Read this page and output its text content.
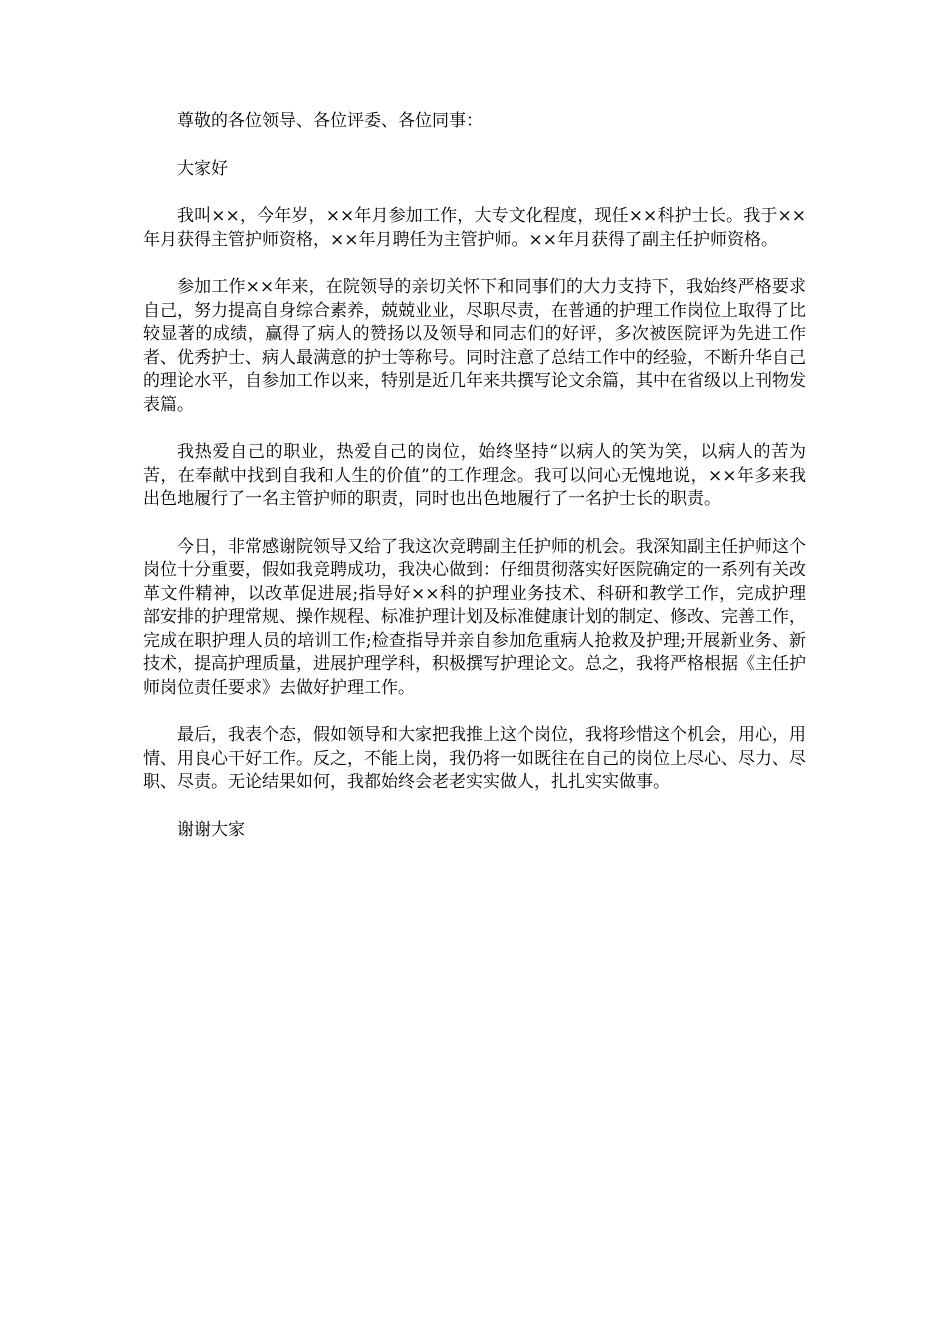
尊敬的各位领导、各位评委、各位同事：

大家好

我叫××，今年岁，××年月参加工作，大专文化程度，现任××科护士长。我于××年月获得主管护师资格，××年月聘任为主管护师。××年月获得了副主任护师资格。

参加工作××年来，在院领导的亲切关怀下和同事们的大力支持下，我始终严格要求自己，努力提高自身综合素养，兢兢业业，尽职尽责，在普通的护理工作岗位上取得了比较显著的成绩，赢得了病人的赞扬以及领导和同志们的好评，多次被医院评为先进工作者、优秀护士、病人最满意的护士等称号。同时注意了总结工作中的经验，不断升华自己的理论水平，自参加工作以来，特别是近几年来共撰写论文余篇，其中在省级以上刊物发表篇。

我热爱自己的职业，热爱自己的岗位，始终坚持“以病人的笑为笑，以病人的苦为苦，在奉献中找到自我和人生的价值”的工作理念。我可以问心无愧地说，××年多来我出色地履行了一名主管护师的职责，同时也出色地履行了一名护士长的职责。

今日，非常感谢院领导又给了我这次竞聘副主任护师的机会。我深知副主任护师这个岗位十分重要，假如我竞聘成功，我决心做到：仔细贯彻落实好医院确定的一系列有关改革文件精神，以改革促进展;指导好××科的护理业务技术、科研和教学工作，完成护理部安排的护理常规、操作规程、标准护理计划及标准健康计划的制定、修改、完善工作，完成在职护理人员的培训工作;检查指导并亲自参加危重病人抢救及护理;开展新业务、新技术，提高护理质量，进展护理学科，积极撰写护理论文。总之，我将严格根据《主任护师岗位责任要求》去做好护理工作。

最后，我表个态，假如领导和大家把我推上这个岗位，我将珍惜这个机会，用心，用情、用良心干好工作。反之，不能上岗，我仍将一如既往在自己的岗位上尽心、尽力、尽职、尽责。无论结果如何，我都始终会老老实实做人，扎扎实实做事。

谢谢大家
